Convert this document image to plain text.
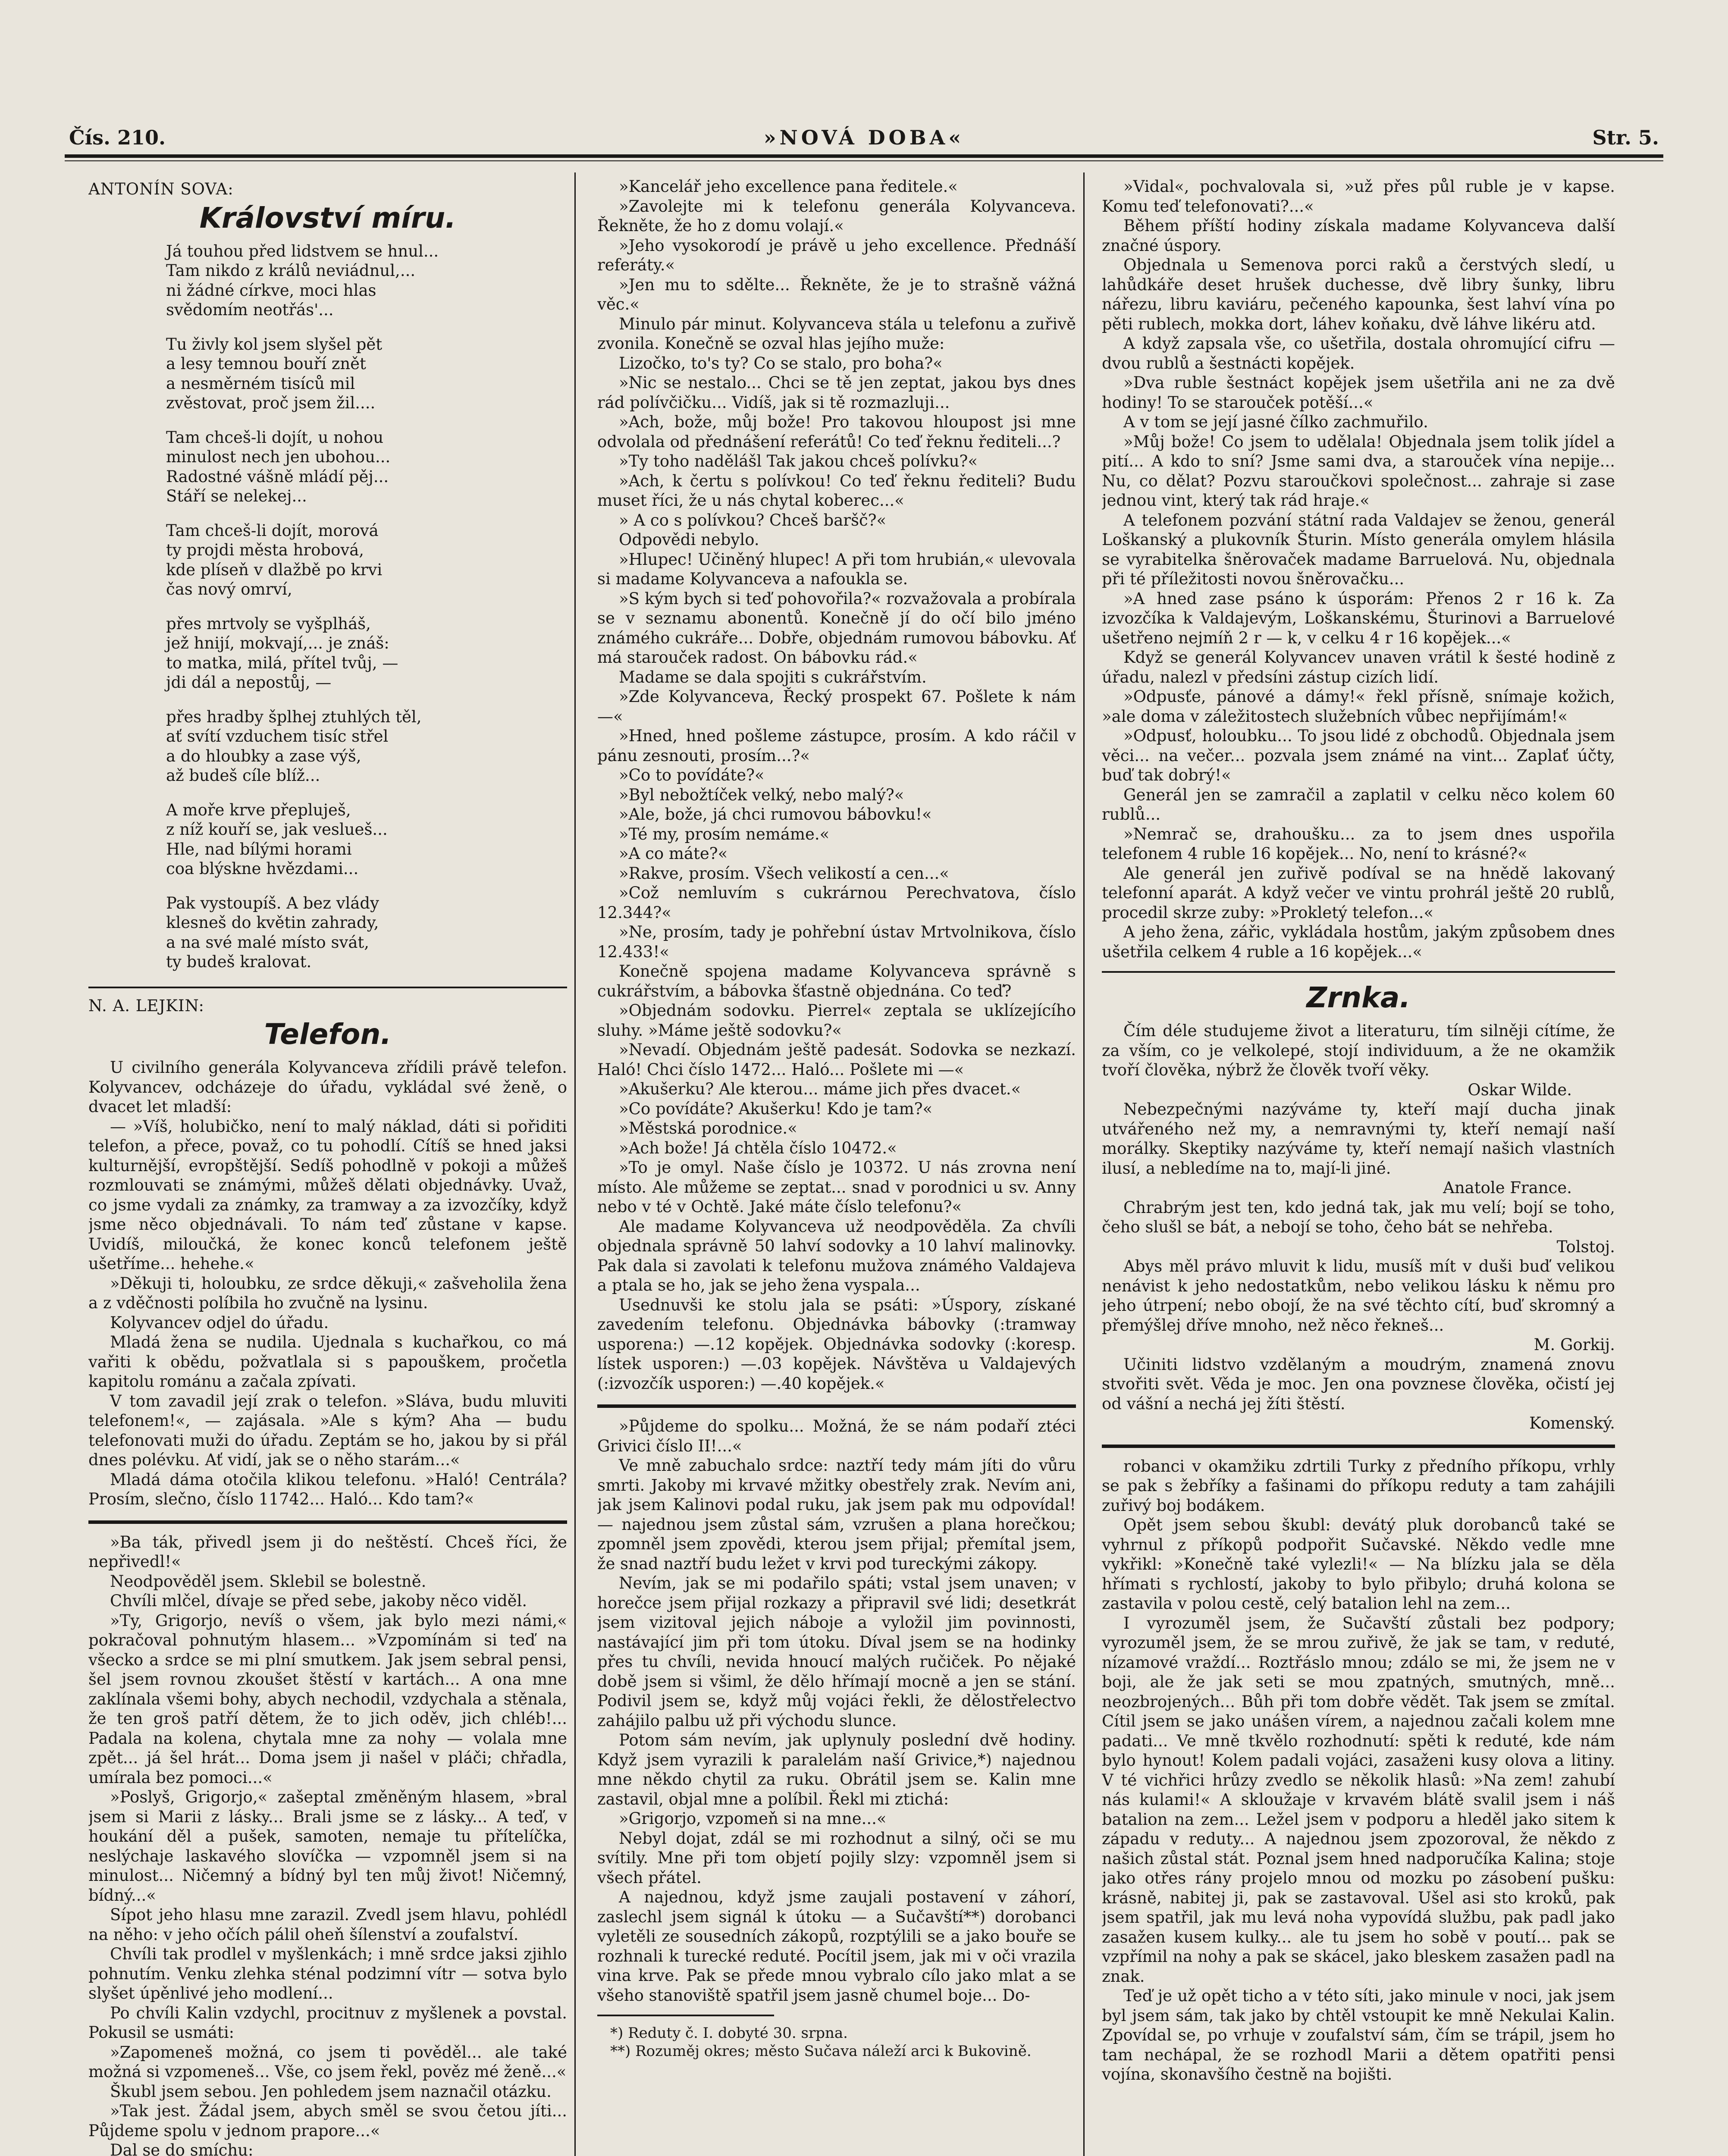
Čís. 210.	»NOVÁ DOBA«	Str. 5.

ANTONÍN SOVA:

Království míru.
Já touhou před lidstvem se hnul...
Tam nikdo z králů neviádnul,...
ni žádné církve, moci hlas
svědomím neotřás'...
Tu živly kol jsem slyšel pět
a lesy temnou bouří znět
a nesměrném tisíců mil
zvěstovat, proč jsem žil....
Tam chceš-li dojít, u nohou
minulost nech jen ubohou...
Radostné vášně mládí pěj...
Stáří se nelekej...
Tam chceš-li dojít, morová
ty projdi města hrobová,
kde plíseň v dlažbě po krvi
čas nový omrví,
přes mrtvoly se vyšplháš,
jež hnijí, mokvají,... je znáš:
to matka, milá, přítel tvůj, —
jdi dál a nepostůj, —
přes hradby šplhej ztuhlých těl,
ať svítí vzduchem tisíc střel
a do hloubky a zase výš,
až budeš cíle blíž...
A moře krve přepluješ,
z níž kouří se, jak veslueš...
Hle, nad bílými horami
coa blýskne hvězdami...
Pak vystoupíš. A bez vlády
klesneš do květin zahrady,
a na své malé místo svát,
ty budeš kralovat.

N. A. LEJKIN:

Telefon.

U civilního generála Kolyvanceva zřídili právě telefon. Kolyvancev, odcházeje do úřadu, vykládal své ženě, o dvacet let mladší:

— »Víš, holubičko, není to malý náklad, dáti si pořiditi telefon, a přece, považ, co tu pohodlí. Cítíš se hned jaksi kulturnější, evropštější. Sedíš pohodlně v pokoji a můžeš rozmlouvati se známými, můžeš dělati objednávky. Uvaž, co jsme vydali za známky, za tramway a za izvozčíky, když jsme něco objednávali. To nám teď zůstane v kapse. Uvidíš, miloučká, že konec konců telefonem ještě ušetříme... hehehe.«

»Děkuji ti, holoubku, ze srdce děkuji,« zašveholila žena a z vděčnosti políbila ho zvučně na lysinu.

Kolyvancev odjel do úřadu.

Mladá žena se nudila. Ujednala s kuchařkou, co má vařiti k obědu, požvatlala si s papouškem, pročetla kapitolu románu a začala zpívati.

V tom zavadil její zrak o telefon. »Sláva, budu mluviti telefonem!«, — zajásala. »Ale s kým? Aha — budu telefonovati muži do úřadu. Zeptám se ho, jakou by si přál dnes polévku. Ať vidí, jak se o něho starám...«

Mladá dáma otočila klikou telefonu. »Haló! Centrála? Prosím, slečno, číslo 11742... Haló... Kdo tam?«

»Ba ták, přivedl jsem ji do neštěstí. Chceš říci, že nepřivedl!«

Neodpověděl jsem. Sklebil se bolestně.

Chvíli mlčel, dívaje se před sebe, jakoby něco viděl.

»Ty, Grigorjo, nevíš o všem, jak bylo mezi námi,« pokračoval pohnutým hlasem... »Vzpomínám si teď na všecko a srdce se mi plní smutkem. Jak jsem sebral pensi, šel jsem rovnou zkoušet štěstí v kartách... A ona mne zaklínala všemi bohy, abych nechodil, vzdychala a stěnala, že ten groš patří dětem, že to jich oděv, jich chléb!... Padala na kolena, chytala mne za nohy — volala mne zpět... já šel hrát... Doma jsem ji našel v pláči; chřadla, umírala bez pomoci...«

»Poslyš, Grigorjo,« zašeptal změněným hlasem, »bral jsem si Marii z lásky... Brali jsme se z lásky... A teď, v houkání děl a pušek, samoten, nemaje tu přítelíčka, neslýchaje laskavého slovíčka — vzpomněl jsem si na minulost... Ničemný a bídný byl ten můj život! Ničemný, bídný...«

Sípot jeho hlasu mne zarazil. Zvedl jsem hlavu, pohlédl na něho: v jeho očích pálil oheň šílenství a zoufalství.

Chvíli tak prodlel v myšlenkách; i mně srdce jaksi zjihlo pohnutím. Venku zlehka sténal podzimní vítr — sotva bylo slyšet úpěnlivé jeho modlení...

Po chvíli Kalin vzdychl, procitnuv z myšlenek a povstal. Pokusil se usmáti:

»Zapomeneš možná, co jsem ti pověděl... ale také možná si vzpomeneš... Vše, co jsem řekl, pověz mé ženě...«

Škubl jsem sebou. Jen pohledem jsem naznačil otázku.

»Tak jest. Žádal jsem, abych směl se svou četou jíti... Půjdeme spolu v jednom prapore...«

Dal se do smíchu:

»Kancelář jeho excellence pana ředitele.«

»Zavolejte mi k telefonu generála Kolyvanceva. Řekněte, že ho z domu volají.«

»Jeho vysokorodí je právě u jeho excellence. Přednáší referáty.«

»Jen mu to sdělte... Řekněte, že je to strašně vážná věc.«

Minulo pár minut. Kolyvanceva stála u telefonu a zuřivě zvonila. Konečně se ozval hlas jejího muže:

Lizočko, to's ty? Co se stalo, pro boha?«

»Nic se nestalo... Chci se tě jen zeptat, jakou bys dnes rád polívčičku... Vidíš, jak si tě rozmazluji...

»Ach, bože, můj bože! Pro takovou hloupost jsi mne odvolala od přednášení referátů! Co teď řeknu řediteli...?

»Ty toho nadělášl Tak jakou chceš polívku?«

»Ach, k čertu s polívkou! Co teď řeknu řediteli? Budu muset říci, že u nás chytal koberec...«

» A co s polívkou? Chceš baršč?«

Odpovědi nebylo.

»Hlupec! Učiněný hlupec! A při tom hrubián,« ulevovala si madame Kolyvanceva a nafoukla se.

»S kým bych si teď pohovořila?« rozvažovala a probírala se v seznamu abonentů. Konečně jí do očí bilo jméno známého cukráře... Dobře, objednám rumovou bábovku. Ať má starouček radost. On bábovku rád.«

Madame se dala spojiti s cukrářstvím.

»Zde Kolyvanceva, Řecký prospekt 67. Pošlete k nám —«

»Hned, hned pošleme zástupce, prosím. A kdo ráčil v pánu zesnouti, prosím...?«

»Co to povídáte?«

»Byl nebožtíček velký, nebo malý?«

»Ale, bože, já chci rumovou bábovku!«

»Té my, prosím nemáme.«

»A co máte?«

»Rakve, prosím. Všech velikostí a cen...«

»Což nemluvím s cukrárnou Perechvatova, číslo 12.344?«

»Ne, prosím, tady je pohřební ústav Mrtvolnikova, číslo 12.433!«

Konečně spojena madame Kolyvanceva správně s cukrářstvím, a bábovka šťastně objednána. Co teď?

»Objednám sodovku. Pierrel« zeptala se uklízejícího sluhy. »Máme ještě sodovku?«

»Nevadí. Objednám ještě padesát. Sodovka se nezkazí. Haló! Chci číslo 1472... Haló... Pošlete mi —«

»Akušerku? Ale kterou... máme jich přes dvacet.«

»Co povídáte? Akušerku! Kdo je tam?«

»Městská porodnice.«

»Ach bože! Já chtěla číslo 10472.«

»To je omyl. Naše číslo je 10372. U nás zrovna není místo. Ale můžeme se zeptat... snad v porodnici u sv. Anny nebo v té v Ochtě. Jaké máte číslo telefonu?«

Ale madame Kolyvanceva už neodpověděla. Za chvíli objednala správně 50 lahví sodovky a 10 lahví malinovky. Pak dala si zavolati k telefonu mužova známého Valdajeva a ptala se ho, jak se jeho žena vyspala...

Usednuvši ke stolu jala se psáti: »Úspory, získané zavedením telefonu. Objednávka bábovky (:tramway usporena:) —.12 kopějek. Objednávka sodovky (:koresp. lístek usporen:) —.03 kopějek. Návštěva u Valdajevých (:izvozčík usporen:) —.40 kopějek.«

»Půjdeme do spolku... Možná, že se nám podaří ztéci Grivici číslo II!...«

Ve mně zabuchalo srdce: naztří tedy mám jíti do vůru smrti. Jakoby mi krvavé mžitky obestřely zrak. Nevím ani, jak jsem Kalinovi podal ruku, jak jsem pak mu odpovídal! — najednou jsem zůstal sám, vzrušen a plana horečkou; zpomněl jsem zpovědi, kterou jsem přijal; přemítal jsem, že snad naztří budu ležet v krvi pod tureckými zákopy.

Nevím, jak se mi podařilo spáti; vstal jsem unaven; v horečce jsem přijal rozkazy a připravil své lidi; desetkrát jsem vizitoval jejich náboje a vyložil jim povinnosti, nastávající jim při tom útoku. Díval jsem se na hodinky přes tu chvíli, nevida hnoucí malých ručiček. Po nějaké době jsem si všiml, že dělo hřímají mocně a jen se stání. Podivil jsem se, když můj vojáci řekli, že dělostřelectvo zahájilo palbu už při východu slunce.

Potom sám nevím, jak uplynuly poslední dvě hodiny. Když jsem vyrazili k paralelám naší Grivice,*) najednou mne někdo chytil za ruku. Obrátil jsem se. Kalin mne zastavil, objal mne a políbil. Řekl mi ztichá:

»Grigorjo, vzpomeň si na mne...«

Nebyl dojat, zdál se mi rozhodnut a silný, oči se mu svítily. Mne při tom objetí pojily slzy: vzpomněl jsem si všech přátel.

A najednou, když jsme zaujali postavení v záhorí, zaslechl jsem signál k útoku — a Sučavští**) dorobanci vyletěli ze sousedních zákopů, rozptýlili se a jako bouře se rozhnali k turecké reduté. Pocítil jsem, jak mi v oči vrazila vina krve. Pak se přede mnou vybralo cílo jako mlat a se všeho stanoviště spatřil jsem jasně chumel boje... Do-

*) Reduty č. I. dobyté 30. srpna.
**) Rozuměj okres; město Sučava náleží arci k Bukovině.

»Vidal«, pochvalovala si, »už přes půl ruble je v kapse. Komu teď telefonovati?...«

Během příští hodiny získala madame Kolyvanceva další značné úspory.

Objednala u Semenova porci raků a čerstvých sledí, u lahůdkáře deset hrušek duchesse, dvě libry šunky, libru nářezu, libru kaviáru, pečeného kapounka, šest lahví vína po pěti rublech, mokka dort, láhev koňaku, dvě láhve likéru atd.

A když zapsala vše, co ušetřila, dostala ohromující cifru — dvou rublů a šestnácti kopějek.

»Dva ruble šestnáct kopějek jsem ušetřila ani ne za dvě hodiny! To se starouček potěší...«

A v tom se její jasné čílko zachmuřilo.

»Můj bože! Co jsem to udělala! Objednala jsem tolik jídel a pití... A kdo to sní? Jsme sami dva, a starouček vína nepije... Nu, co dělat? Pozvu staroučkovi společnost... zahraje si zase jednou vint, který tak rád hraje.«

A telefonem pozvání státní rada Valdajev se ženou, generál Loškanský a plukovník Šturin. Místo generála omylem hlásila se vyrabitelka šněrovaček madame Barruelová. Nu, objednala při té příležitosti novou šněrovačku...

»A hned zase psáno k úsporám: Přenos 2 r 16 k. Za izvozčíka k Valdajevým, Loškanskému, Šturinovi a Barruelové ušetřeno nejmíň 2 r — k, v celku 4 r 16 kopějek...«

Když se generál Kolyvancev unaven vrátil k šesté hodině z úřadu, nalezl v předsíni zástup cizích lidí.

»Odpusťe, pánové a dámy!« řekl přísně, snímaje kožich, »ale doma v záležitostech služebních vůbec nepřijímám!«

»Odpusť, holoubku... To jsou lidé z obchodů. Objednala jsem věci... na večer... pozvala jsem známé na vint... Zaplať účty, buď tak dobrý!«

Generál jen se zamračil a zaplatil v celku něco kolem 60 rublů...

»Nemrač se, drahoušku... za to jsem dnes uspořila telefonem 4 ruble 16 kopějek... No, není to krásné?«

Ale generál jen zuřivě podíval se na hnědě lakovaný telefonní aparát. A když večer ve vintu prohrál ještě 20 rublů, procedil skrze zuby: »Prokletý telefon...«

A jeho žena, zářic, vykládala hostům, jakým způsobem dnes ušetřila celkem 4 ruble a 16 kopějek...«

Zrnka.

Čím déle studujeme život a literaturu, tím silněji cítíme, že za vším, co je velkolepé, stojí individuum, a že ne okamžik tvoří člověka, nýbrž že člověk tvoří věky.

Oskar Wilde.

Nebezpečnými nazýváme ty, kteří mají ducha jinak utvářeného než my, a nemravnými ty, kteří nemají naší morálky. Skeptiky nazýváme ty, kteří nemají našich vlastních ilusí, a nebledíme na to, mají-li jiné.

Anatole France.

Chrabrým jest ten, kdo jedná tak, jak mu velí; bojí se toho, čeho slušl se bát, a nebojí se toho, čeho bát se nehřeba.

Tolstoj.

Abys měl právo mluvit k lidu, musíš mít v duši buď velikou nenávist k jeho nedostatkům, nebo velikou lásku k němu pro jeho útrpení; nebo obojí, že na své těchto cítí, buď skromný a přemýšlej dříve mnoho, než něco řekneš...

M. Gorkij.

Učiniti lidstvo vzdělaným a moudrým, znamená znovu stvořiti svět. Věda je moc. Jen ona povznese člověka, očistí jej od vášní a nechá jej žíti štěstí.

Komenský.

robanci v okamžiku zdrtili Turky z předního příkopu, vrhly se pak s žebříky a fašinami do příkopu reduty a tam zahájili zuřivý boj bodákem.

Opět jsem sebou škubl: devátý pluk dorobanců také se vyhrnul z příkopů podpořit Sučavské. Někdo vedle mne vykřikl: »Konečně také vylezli!« — Na blízku jala se děla hřímati s rychlostí, jakoby to bylo přibylo; druhá kolona se zastavila v polou cestě, celý batalion lehl na zem...

I vyrozuměl jsem, že Sučavští zůstali bez podpory; vyrozuměl jsem, že se mrou zuřivě, že jak se tam, v reduté, nízamové vraždí... Roztřáslo mnou; zdálo se mi, že jsem ne v boji, ale že jak seti se mou zpatných, smutných, mně... neozbrojených... Bůh při tom dobře vědět. Tak jsem se zmítal. Cítil jsem se jako unášen vírem, a najednou začali kolem mne padati... Ve mně tkvělo rozhodnutí: spěti k reduté, kde nám bylo hynout! Kolem padali vojáci, zasaženi kusy olova a litiny. V té vichřici hrůzy zvedlo se několik hlasů: »Na zem! zahubí nás kulami!« A skloužaje v krvavém blátě svalil jsem i náš batalion na zem... Ležel jsem v podporu a hleděl jako sitem k západu v reduty... A najednou jsem zpozoroval, že někdo z našich zůstal stát. Poznal jsem hned nadporučíka Kalina; stoje jako otřes rány projelo mnou od mozku po zásobení pušku: krásně, nabitej ji, pak se zastavoval. Ušel asi sto kroků, pak jsem spatřil, jak mu levá noha vypovídá službu, pak padl jako zasažen kusem kulky... ale tu jsem ho sobě v poutí... pak se vzpřímil na nohy a pak se skácel, jako bleskem zasažen padl na znak.

Teď je už opět ticho a v této síti, jako minule v noci, jak jsem byl jsem sám, tak jako by chtěl vstoupit ke mně Nekulai Kalin. Zpovídal se, po vrhuje v zoufalství sám, čím se trápil, jsem ho tam nechápal, že se rozhodl Marii a dětem opatřiti pensi vojína, skonavšího čestně na bojišti.
